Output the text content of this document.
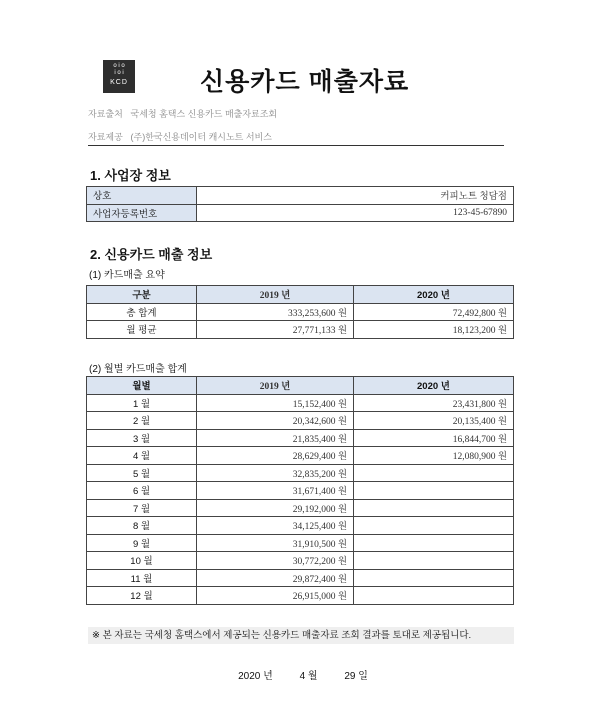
o i o
i o i
KCD	신용카드 매출자료
자료출처 국세청 홈택스 신용카드 매출자료조회
자료제공 (주)한국신용데이터 캐시노트 서비스
1. 사업장 정보
상호	커피노트 청담점
사업자등록번호	123-45-67890
2. 신용카드 매출 정보
(1) 카드매출 요약
구분	2019 년	2020 년
총 합계	333,253,600 원	72,492,800 원
월 평균	27,771,133 원	18,123,200 원
(2) 월별 카드매출 합계
월별	2019 년	2020 년
1 월	15,152,400 원	23,431,800 원
2 월	20,342,600 원	20,135,400 원
3 월	21,835,400 원	16,844,700 원
4 월	28,629,400 원	12,080,900 원
5 월	32,835,200 원	
6 월	31,671,400 원	
7 월	29,192,000 원	
8 월	34,125,400 원	
9 월	31,910,500 원	
10 월	30,772,200 원	
11 월	29,872,400 원	
12 월	26,915,000 원	
※ 본 자료는 국세청 홈택스에서 제공되는 신용카드 매출자료 조회 결과를 토대로 제공됩니다.
2020 년	4 월	29 일
